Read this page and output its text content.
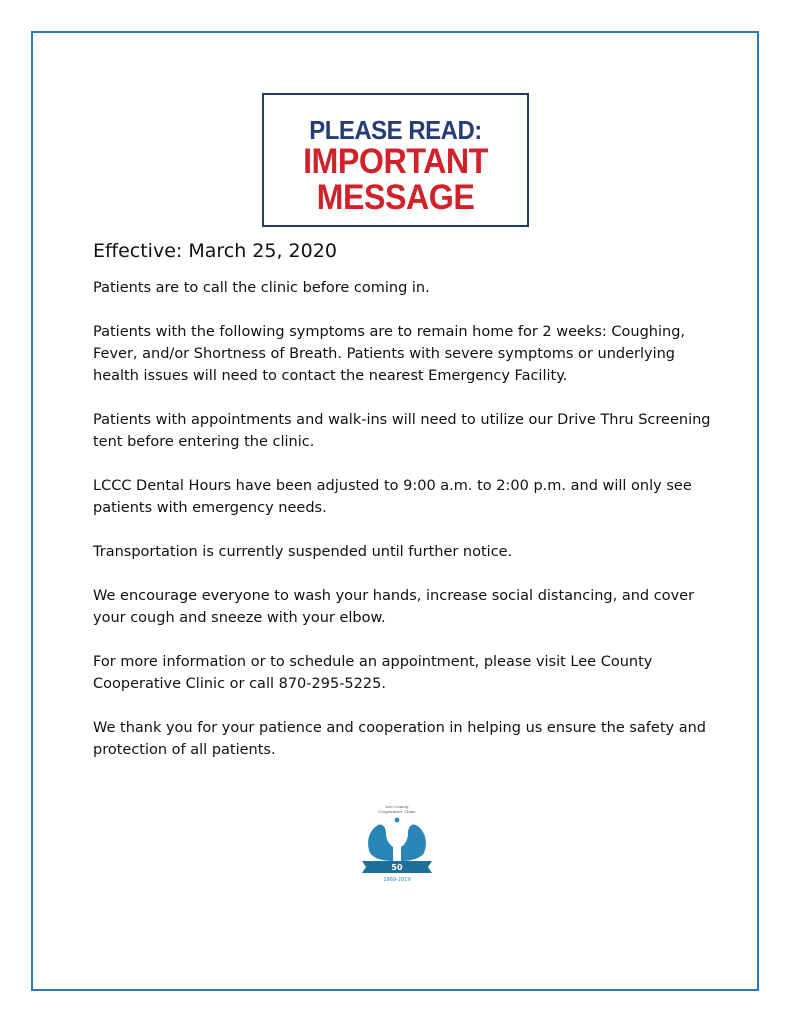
PLEASE READ:
IMPORTANT
MESSAGE
Effective: March 25, 2020

Patients are to call the clinic before coming in.

Patients with the following symptoms are to remain home for 2 weeks: Coughing, Fever, and/or Shortness of Breath. Patients with severe symptoms or underlying health issues will need to contact the nearest Emergency Facility.

Patients with appointments and walk-ins will need to utilize our Drive Thru Screening tent before entering the clinic.

LCCC Dental Hours have been adjusted to 9:00 a.m. to 2:00 p.m. and will only see patients with emergency needs.

Transportation is currently suspended until further notice.

We encourage everyone to wash your hands, increase social distancing, and cover your cough and sneeze with your elbow.

For more information or to schedule an appointment, please visit Lee County Cooperative Clinic or call 870-295-5225.

We thank you for your patience and cooperation in helping us ensure the safety and protection of all patients.

Lee County
Cooperative Clinic
50
1969-2019
